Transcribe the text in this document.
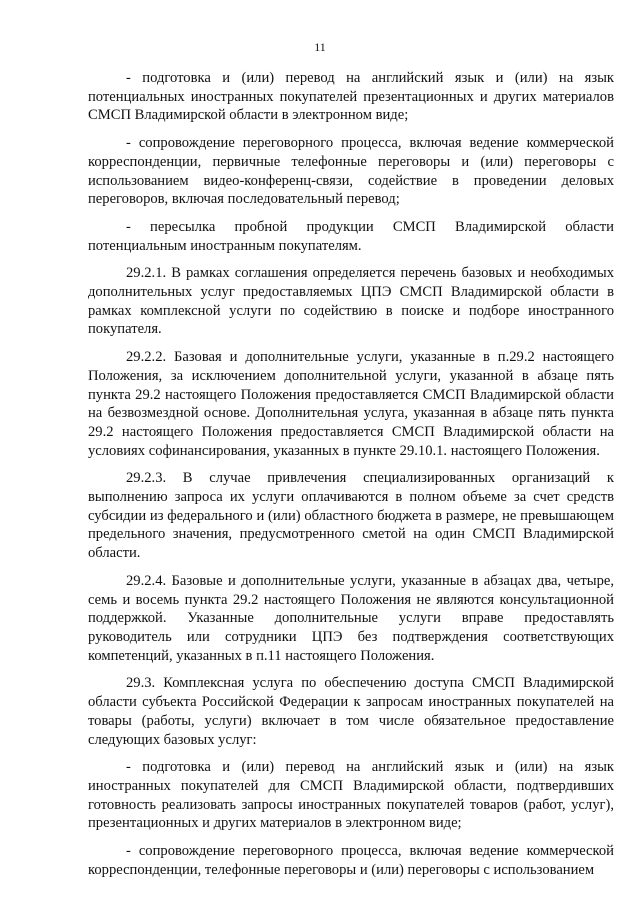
11

- подготовка и (или) перевод на английский язык и (или) на язык потенциальных иностранных покупателей презентационных и других материалов СМСП Владимирской области в электронном виде;

- сопровождение переговорного процесса, включая ведение коммерческой корреспонденции, первичные телефонные переговоры и (или) переговоры с использованием видео-конференц-связи, содействие в проведении деловых переговоров, включая последовательный перевод;

- пересылка пробной продукции СМСП Владимирской области потенциальным иностранным покупателям.

29.2.1. В рамках соглашения определяется перечень базовых и необходимых дополнительных услуг предоставляемых ЦПЭ СМСП Владимирской области в рамках комплексной услуги по содействию в поиске и подборе иностранного покупателя.

29.2.2. Базовая и дополнительные услуги, указанные в п.29.2 настоящего Положения, за исключением дополнительной услуги, указанной в абзаце пять пункта 29.2 настоящего Положения предоставляется СМСП Владимирской области на безвозмездной основе. Дополнительная услуга, указанная в абзаце пять пункта 29.2 настоящего Положения предоставляется СМСП Владимирской области на условиях софинансирования, указанных в пункте 29.10.1. настоящего Положения.

29.2.3. В случае привлечения специализированных организаций к выполнению запроса их услуги оплачиваются в полном объеме за счет средств субсидии из федерального и (или) областного бюджета в размере, не превышающем предельного значения, предусмотренного сметой на один СМСП Владимирской области.

29.2.4. Базовые и дополнительные услуги, указанные в абзацах два, четыре, семь и восемь пункта 29.2 настоящего Положения не являются консультационной поддержкой. Указанные дополнительные услуги вправе предоставлять руководитель или сотрудники ЦПЭ без подтверждения соответствующих компетенций, указанных в п.11 настоящего Положения.

29.3. Комплексная услуга по обеспечению доступа СМСП Владимирской области субъекта Российской Федерации к запросам иностранных покупателей на товары (работы, услуги) включает в том числе обязательное предоставление следующих базовых услуг:

- подготовка и (или) перевод на английский язык и (или) на язык иностранных покупателей для СМСП Владимирской области, подтвердивших готовность реализовать запросы иностранных покупателей товаров (работ, услуг), презентационных и других материалов в электронном виде;

- сопровождение переговорного процесса, включая ведение коммерческой корреспонденции, телефонные переговоры и (или) переговоры с использованием
